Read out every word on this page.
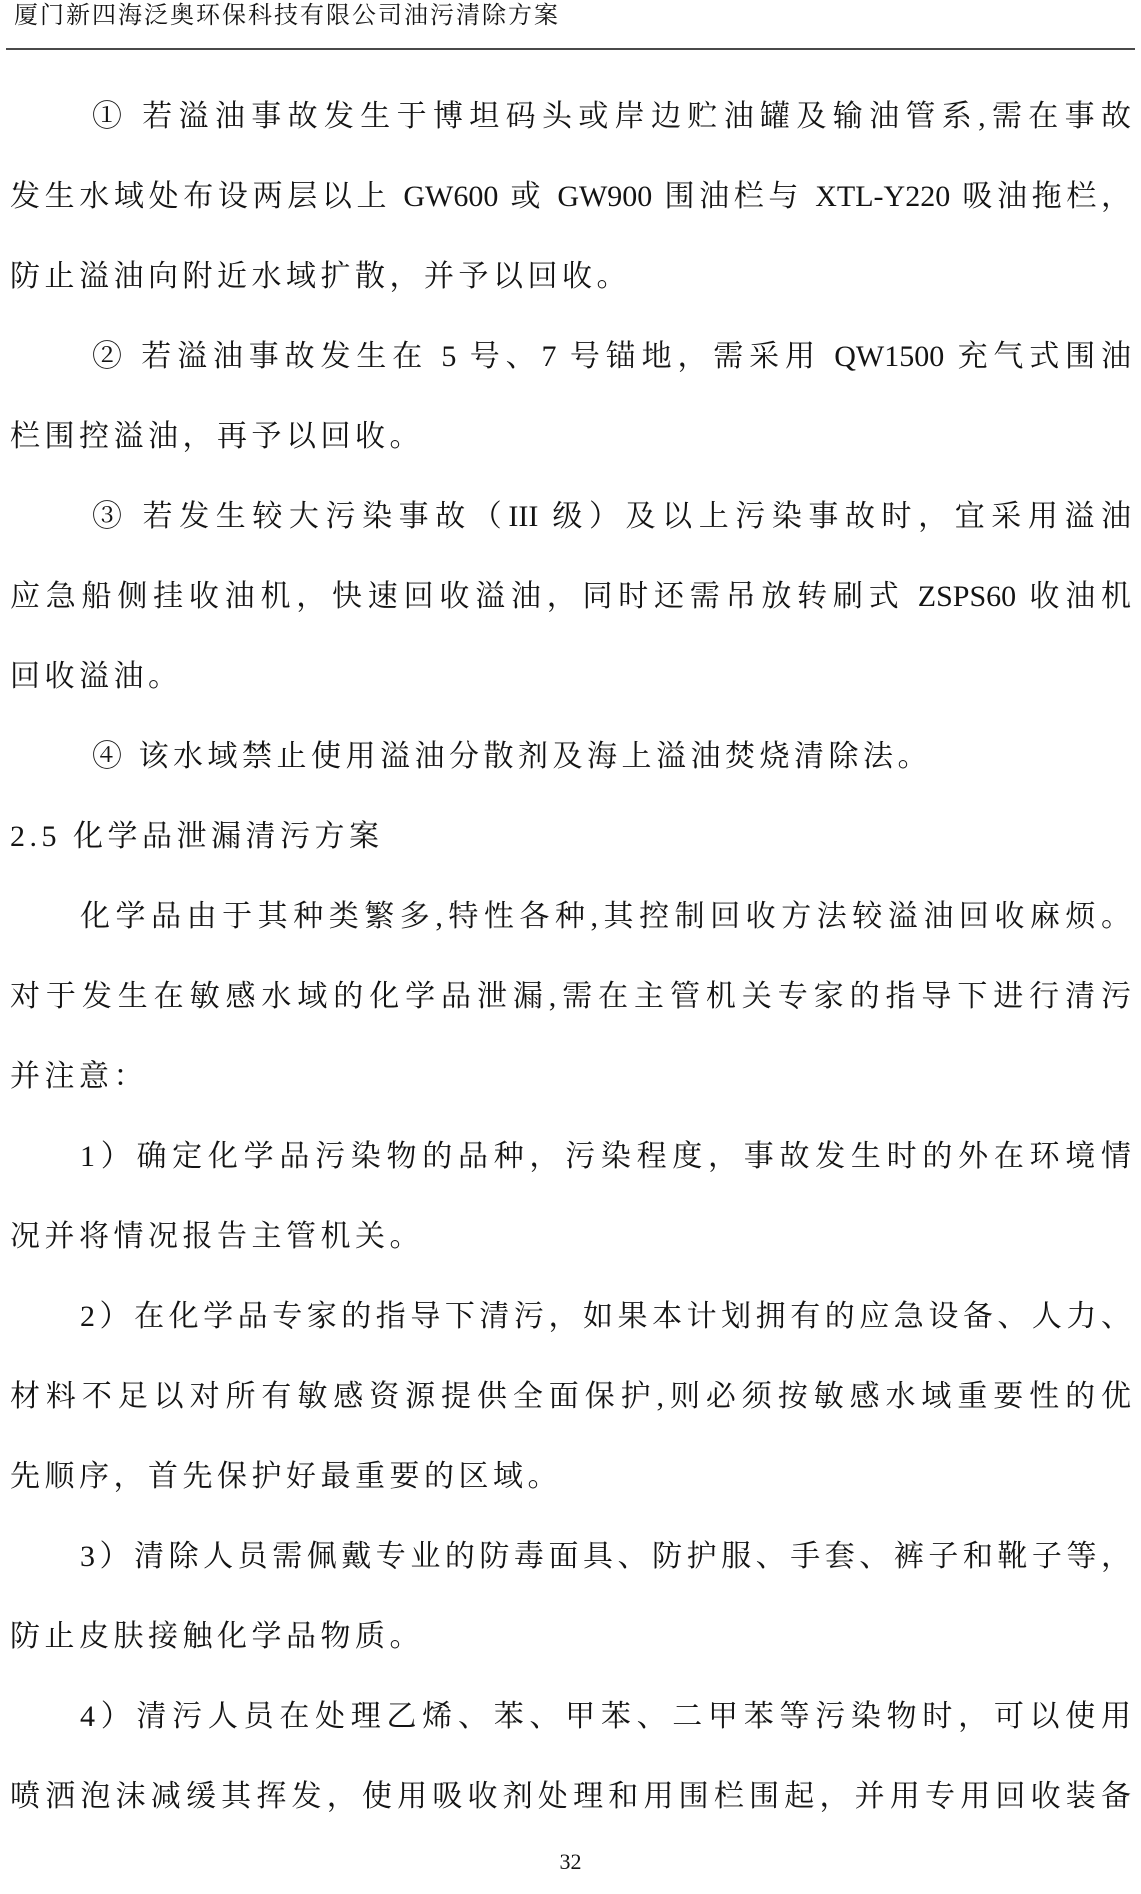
厦门新四海泛奥环保科技有限公司油污清除方案
① 若溢油事故发生于博坦码头或岸边贮油罐及输油管系,需在事故
发生水域处布设两层以上 GW600 或 GW900 围油栏与 XTL-Y220 吸油拖栏，
防止溢油向附近水域扩散，并予以回收。
② 若溢油事故发生在 5 号、7 号锚地，需采用 QW1500 充气式围油
栏围控溢油，再予以回收。
③ 若发生较大污染事故（III 级）及以上污染事故时，宜采用溢油
应急船侧挂收油机，快速回收溢油，同时还需吊放转刷式 ZSPS60 收油机
回收溢油。
④ 该水域禁止使用溢油分散剂及海上溢油焚烧清除法。
2.5 化学品泄漏清污方案
化学品由于其种类繁多,特性各种,其控制回收方法较溢油回收麻烦。
对于发生在敏感水域的化学品泄漏,需在主管机关专家的指导下进行清污
并注意：
1）确定化学品污染物的品种，污染程度，事故发生时的外在环境情
况并将情况报告主管机关。
2）在化学品专家的指导下清污，如果本计划拥有的应急设备、人力、
材料不足以对所有敏感资源提供全面保护,则必须按敏感水域重要性的优
先顺序，首先保护好最重要的区域。
3）清除人员需佩戴专业的防毒面具、防护服、手套、裤子和靴子等，
防止皮肤接触化学品物质。
4）清污人员在处理乙烯、苯、甲苯、二甲苯等污染物时，可以使用
喷洒泡沫减缓其挥发，使用吸收剂处理和用围栏围起，并用专用回收装备
32
